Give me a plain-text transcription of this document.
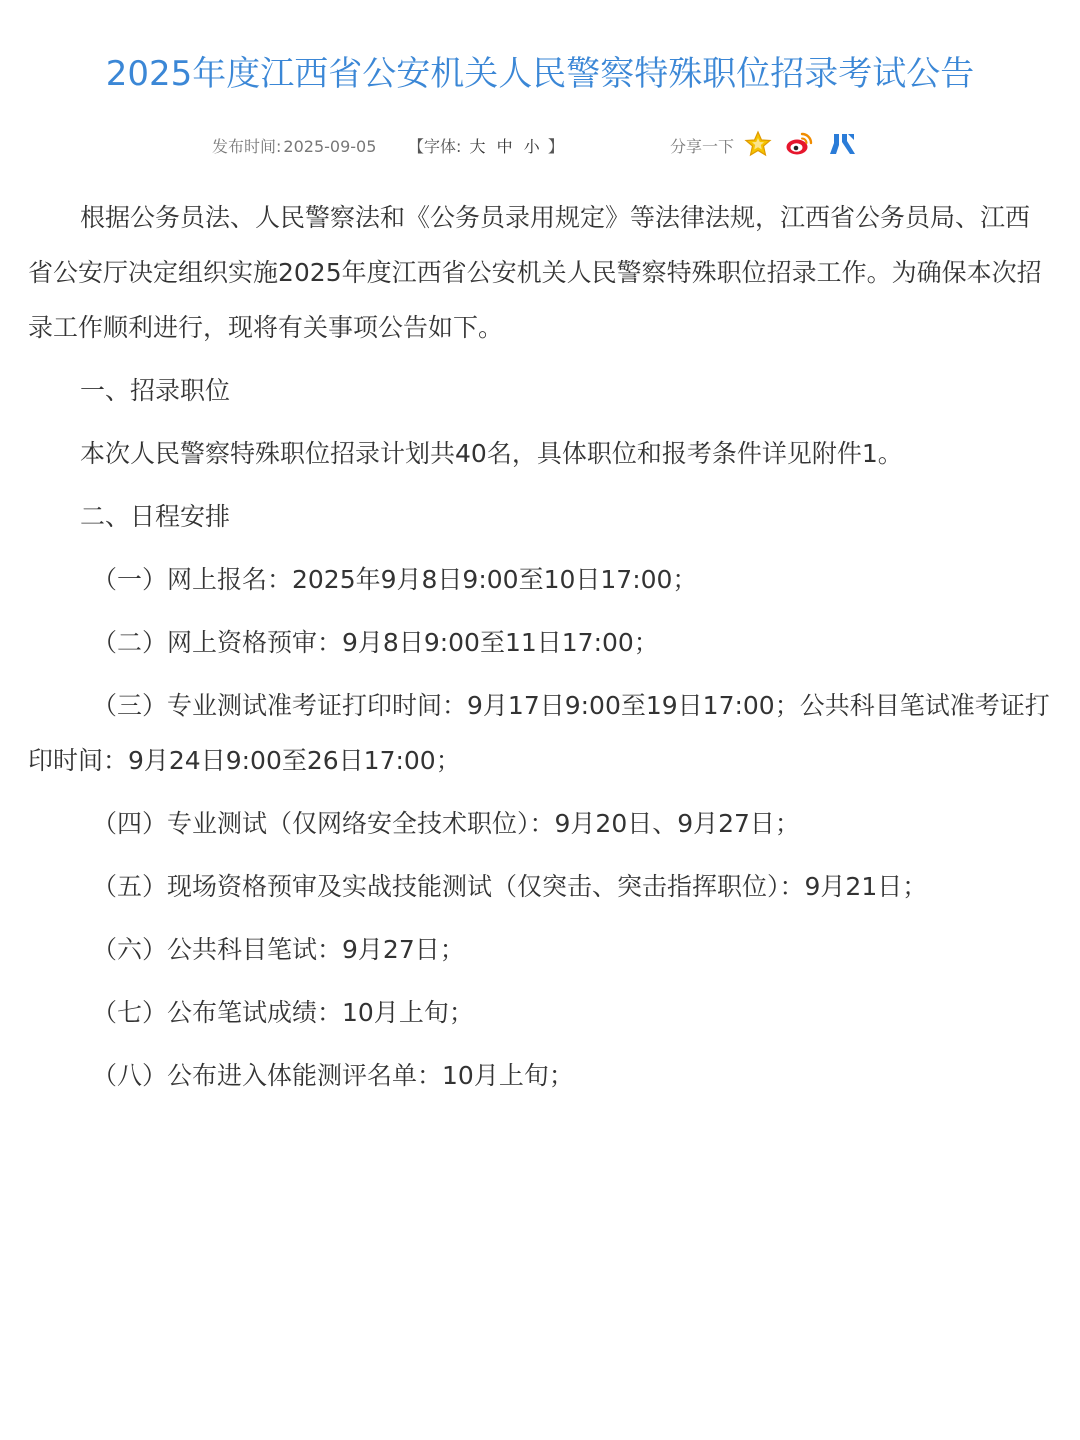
2025年度江西省公安机关人民警察特殊职位招录考试公告
发布时间: 2025-09-05 【字体: 大 中 小 】	分享一下

根据公务员法、人民警察法和《公务员录用规定》等法律法规，江西省公务员局、江西省公安厅决定组织实施2025年度江西省公安机关人民警察特殊职位招录工作。为确保本次招录工作顺利进行，现将有关事项公告如下。

一、招录职位

本次人民警察特殊职位招录计划共40名，具体职位和报考条件详见附件1。

二、日程安排

（一）网上报名：2025年9月8日9:00至10日17:00；

（二）网上资格预审：9月8日9:00至11日17:00；

（三）专业测试准考证打印时间：9月17日9:00至19日17:00；公共科目笔试准考证打印时间：9月24日9:00至26日17:00；

（四）专业测试（仅网络安全技术职位）：9月20日、9月27日；

（五）现场资格预审及实战技能测试（仅突击、突击指挥职位）：9月21日；

（六）公共科目笔试：9月27日；

（七）公布笔试成绩：10月上旬；

（八）公布进入体能测评名单：10月上旬；
